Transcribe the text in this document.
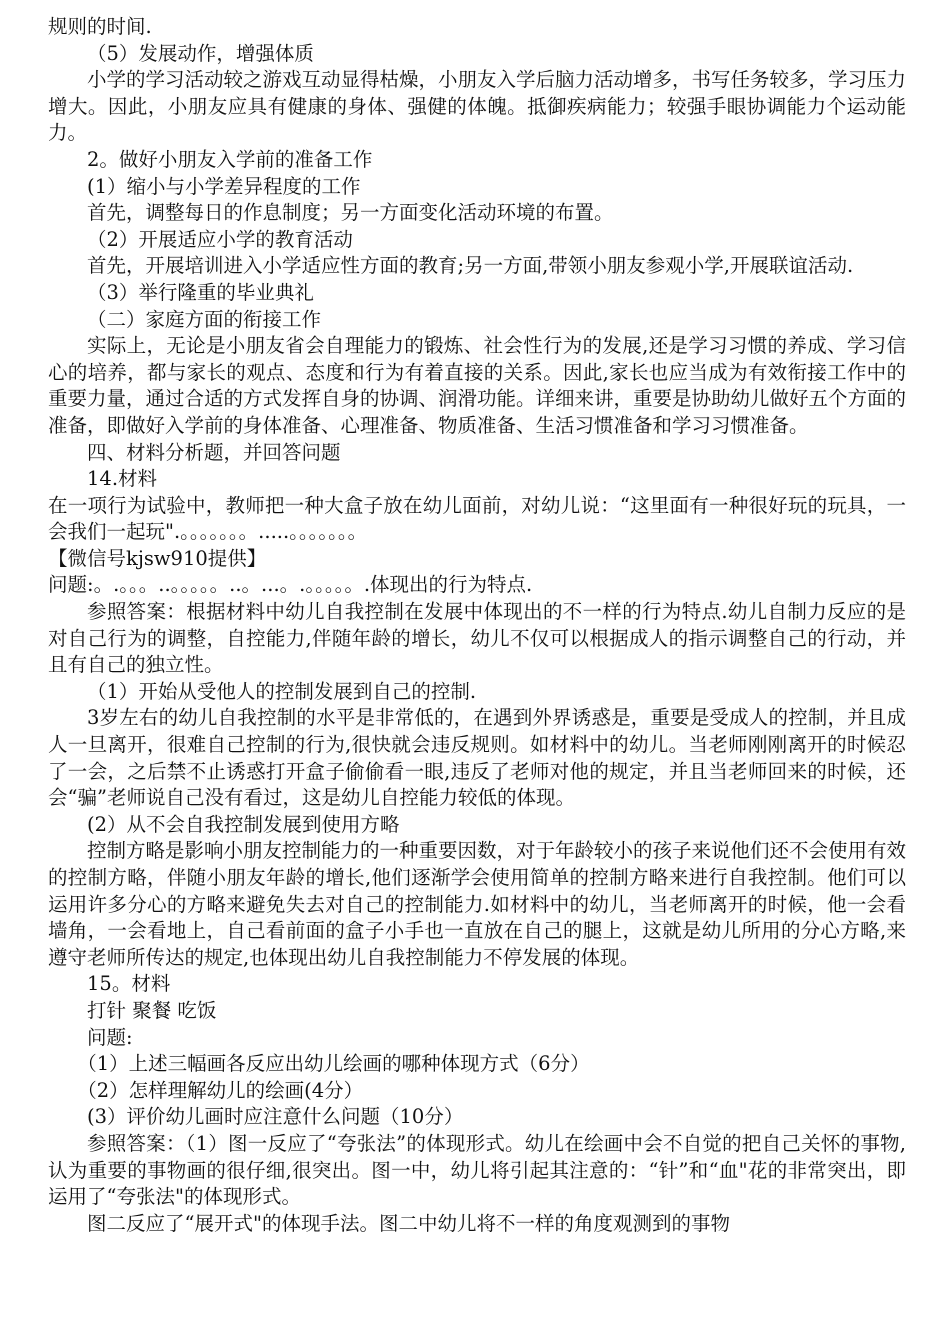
规则的时间.

（5）发展动作，增强体质

小学的学习活动较之游戏互动显得枯燥，小朋友入学后脑力活动增多，书写任务较多，学习压力增大。因此，小朋友应具有健康的身体、强健的体魄。抵御疾病能力；较强手眼协调能力个运动能力。

2。做好小朋友入学前的准备工作

(1）缩小与小学差异程度的工作

首先，调整每日的作息制度；另一方面变化活动环境的布置。

（2）开展适应小学的教育活动

首先，开展培训进入小学适应性方面的教育;另一方面,带领小朋友参观小学,开展联谊活动.

（3）举行隆重的毕业典礼

（二）家庭方面的衔接工作

实际上，无论是小朋友省会自理能力的锻炼、社会性行为的发展,还是学习习惯的养成、学习信心的培养，都与家长的观点、态度和行为有着直接的关系。因此,家长也应当成为有效衔接工作中的重要力量，通过合适的方式发挥自身的协调、润滑功能。详细来讲，重要是协助幼儿做好五个方面的准备，即做好入学前的身体准备、心理准备、物质准备、生活习惯准备和学习习惯准备。

四、材料分析题，并回答问题

14.材料

在一项行为试验中，教师把一种大盒子放在幼儿面前，对幼儿说：“这里面有一种很好玩的玩具，一会我们一起玩".。。。。。。。.....。。。。。。。

【微信号kjsw910提供】

问题:。.。。。..。。。。。..。...。.。。。。。.体现出的行为特点.

参照答案：根据材料中幼儿自我控制在发展中体现出的不一样的行为特点.幼儿自制力反应的是对自己行为的调整，自控能力,伴随年龄的增长，幼儿不仅可以根据成人的指示调整自己的行动，并且有自己的独立性。

（1）开始从受他人的控制发展到自己的控制.

3岁左右的幼儿自我控制的水平是非常低的，在遇到外界诱惑是，重要是受成人的控制，并且成人一旦离开，很难自己控制的行为,很快就会违反规则。如材料中的幼儿。当老师刚刚离开的时候忍了一会，之后禁不止诱惑打开盒子偷偷看一眼,违反了老师对他的规定，并且当老师回来的时候，还会“骗”老师说自己没有看过，这是幼儿自控能力较低的体现。

(2）从不会自我控制发展到使用方略

控制方略是影响小朋友控制能力的一种重要因数，对于年龄较小的孩子来说他们还不会使用有效的控制方略，伴随小朋友年龄的增长,他们逐渐学会使用简单的控制方略来进行自我控制。他们可以运用许多分心的方略来避免失去对自己的控制能力.如材料中的幼儿，当老师离开的时候，他一会看墙角，一会看地上，自己看前面的盒子小手也一直放在自己的腿上，这就是幼儿所用的分心方略,来遵守老师所传达的规定,也体现出幼儿自我控制能力不停发展的体现。

15。材料

打针 聚餐 吃饭

问题:

（1）上述三幅画各反应出幼儿绘画的哪种体现方式（6分）

（2）怎样理解幼儿的绘画(4分）

(3）评价幼儿画时应注意什么问题（10分）

参照答案：（1）图一反应了“夸张法”的体现形式。幼儿在绘画中会不自觉的把自己关怀的事物,认为重要的事物画的很仔细,很突出。图一中，幼儿将引起其注意的：“针”和“血"花的非常突出，即运用了“夸张法"的体现形式。

图二反应了“展开式"的体现手法。图二中幼儿将不一样的角度观测到的事物
